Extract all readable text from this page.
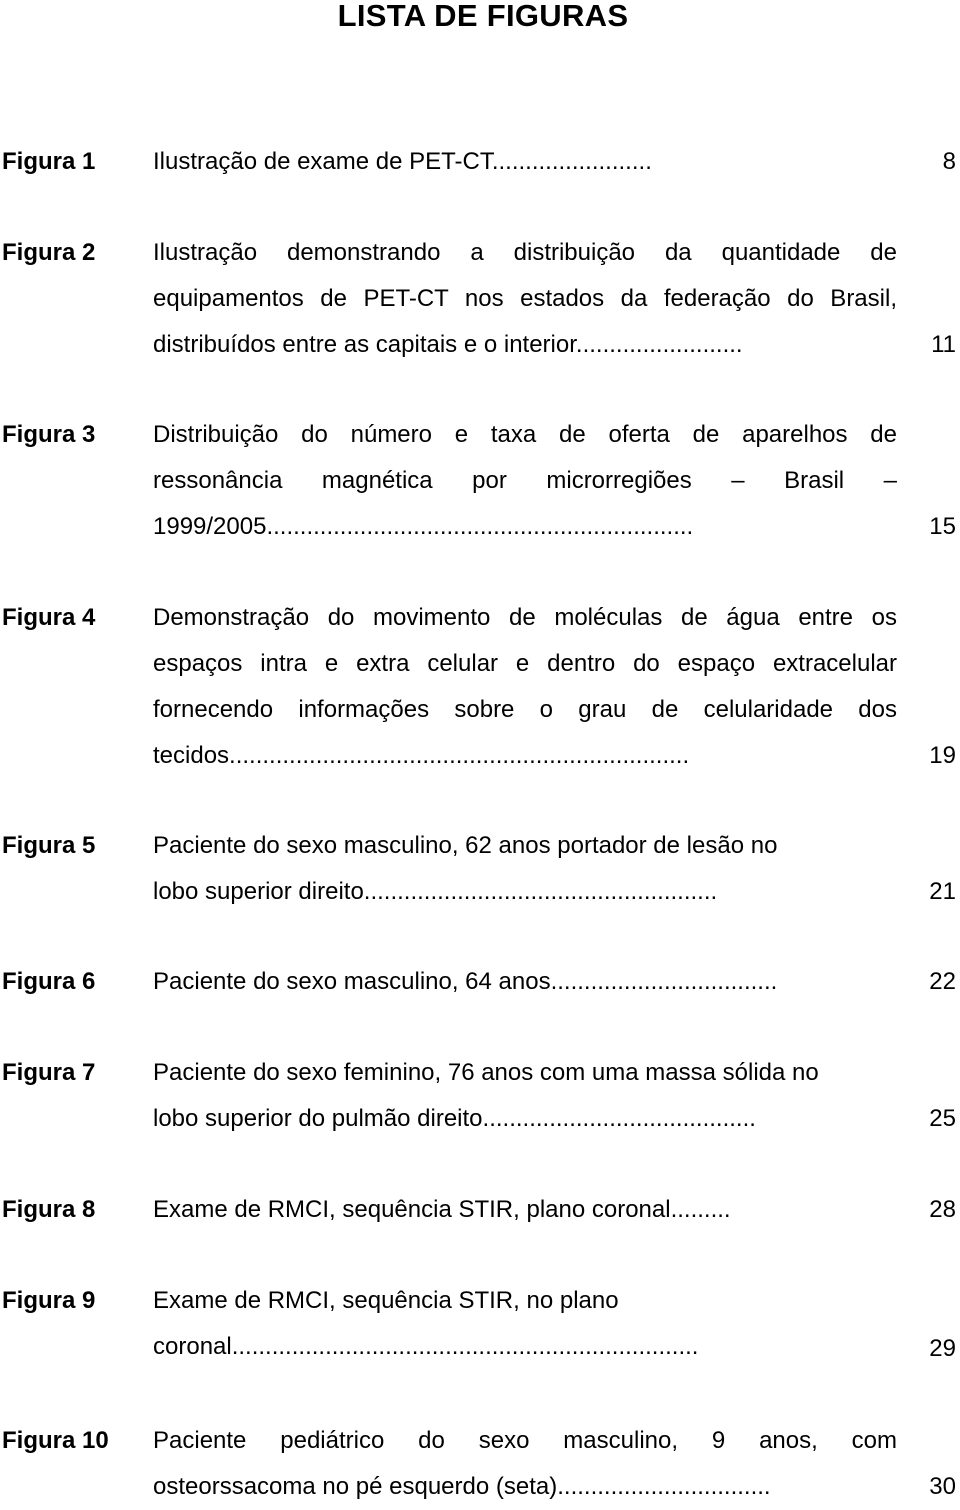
LISTA DE FIGURAS
Figura 1 Ilustração de exame de PET-CT........................	8
Figura 2 Ilustração demonstrando a distribuição da quantidade de
equipamentos de PET-CT nos estados da federação do Brasil,
distribuídos entre as capitais e o interior.........................	11
Figura 3 Distribuição do número e taxa de oferta de aparelhos de
ressonância magnética por microrregiões – Brasil –
1999/2005................................................................	15
Figura 4 Demonstração do movimento de moléculas de água entre os
espaços intra e extra celular e dentro do espaço extracelular
fornecendo informações sobre o grau de celularidade dos
tecidos.....................................................................	19
Figura 5 Paciente do sexo masculino, 62 anos portador de lesão no
lobo superior direito.....................................................	21
Figura 6 Paciente do sexo masculino, 64 anos..................................	22
Figura 7 Paciente do sexo feminino, 76 anos com uma massa sólida no
lobo superior do pulmão direito.........................................	25
Figura 8 Exame de RMCI, sequência STIR, plano coronal.........	28
Figura 9 Exame de RMCI, sequência STIR, no plano
coronal......................................................................	29
Figura 10 Paciente pediátrico do sexo masculino, 9 anos, com
osteorssacoma no pé esquerdo (seta)................................	30
